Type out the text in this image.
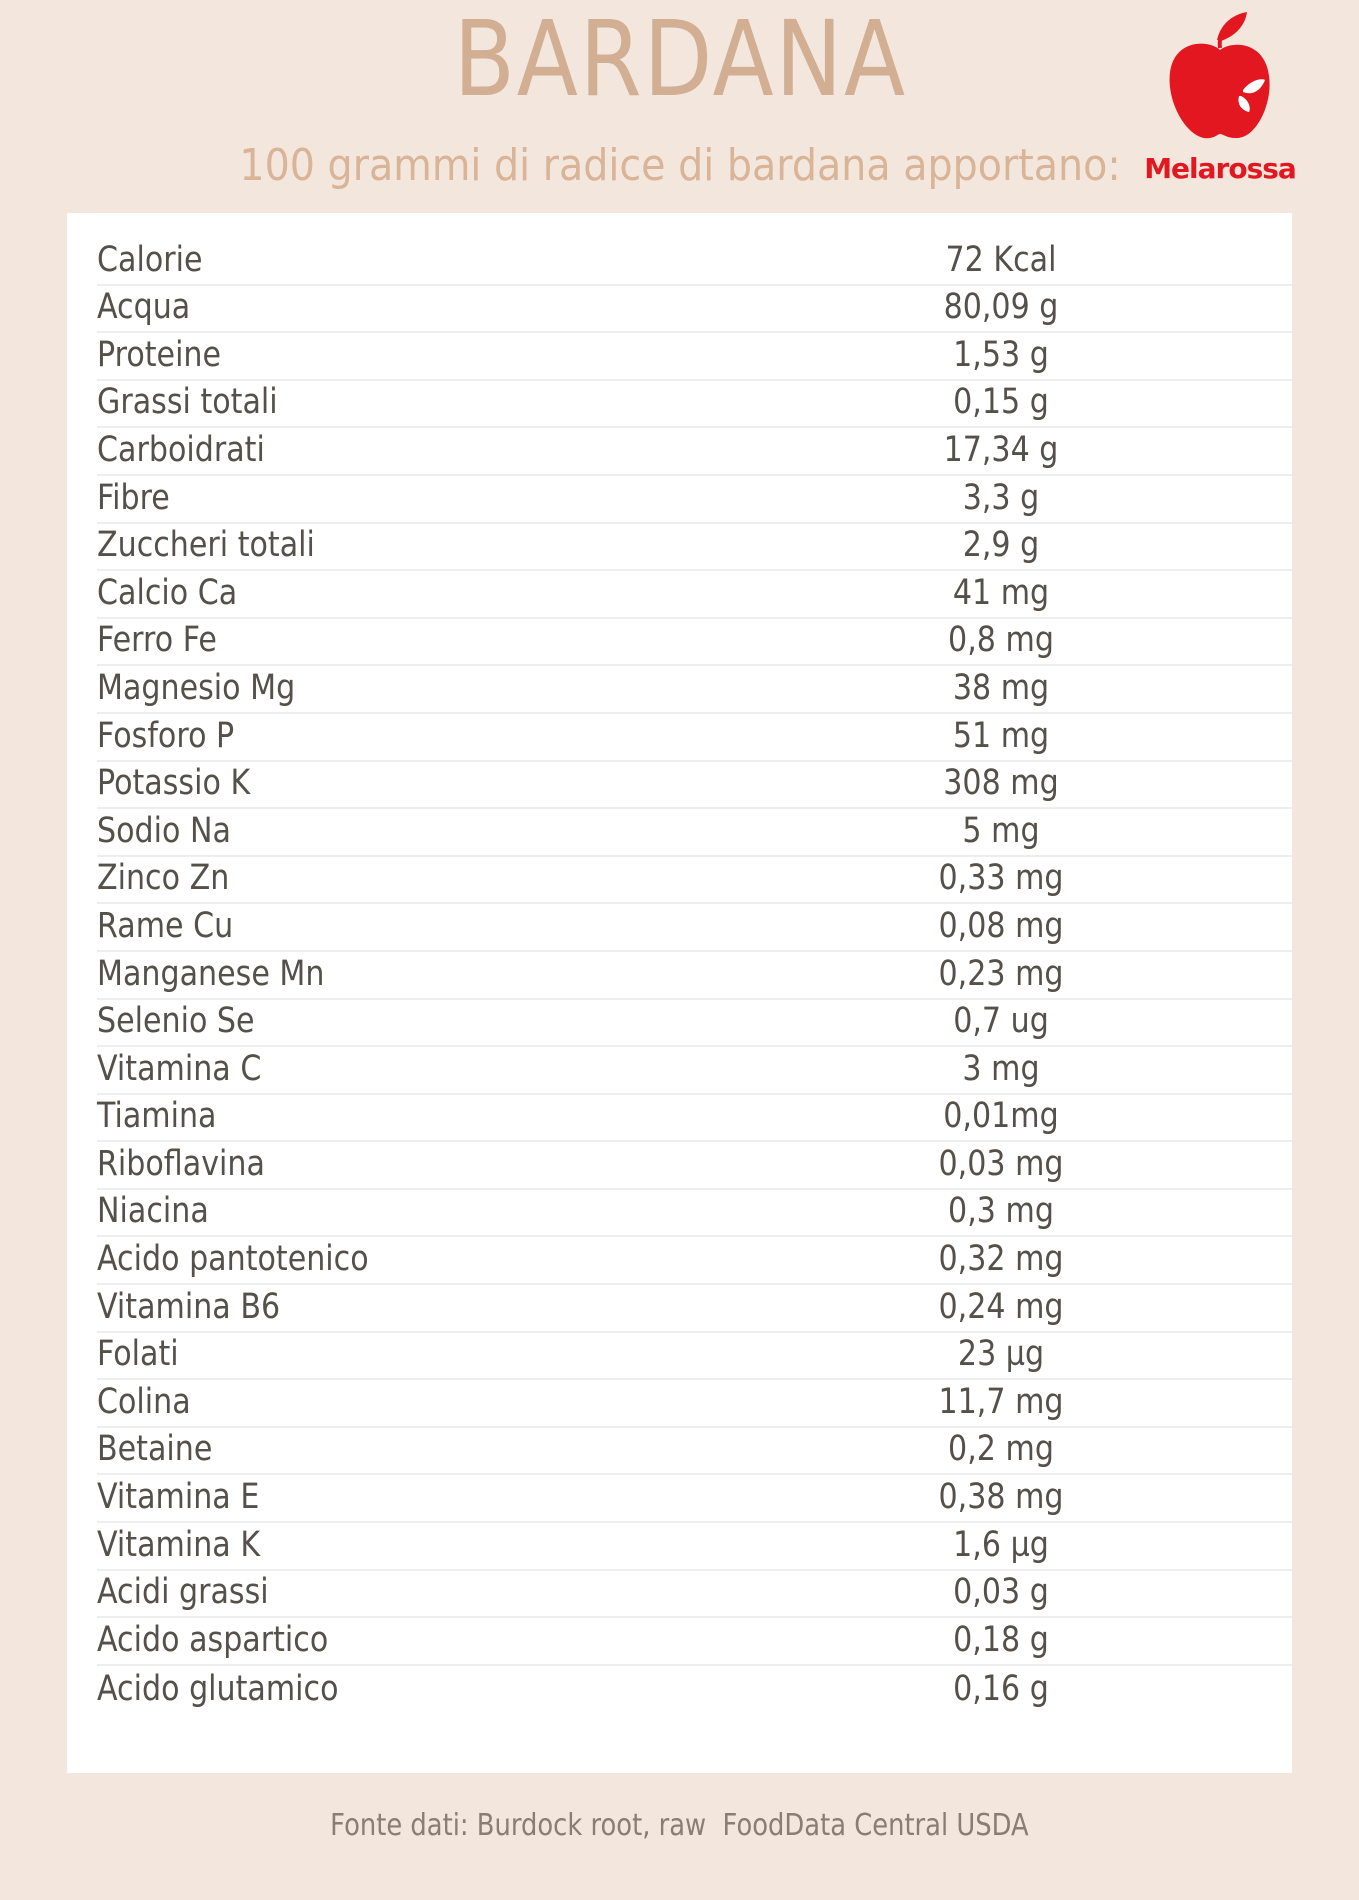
BARDANA
100 grammi di radice di bardana apportano: Melarossa
Calorie	72 Kcal
Acqua	80,09 g
Proteine	1,53 g
Grassi totali	0,15 g
Carboidrati	17,34 g
Fibre	3,3 g
Zuccheri totali	2,9 g
Calcio Ca	41 mg
Ferro Fe	0,8 mg
Magnesio Mg	38 mg
Fosforo P	51 mg
Potassio K	308 mg
Sodio Na	5 mg
Zinco Zn	0,33 mg
Rame Cu	0,08 mg
Manganese Mn	0,23 mg
Selenio Se	0,7 ug
Vitamina C	3 mg
Tiamina	0,01mg
Riboflavina	0,03 mg
Niacina	0,3 mg
Acido pantotenico	0,32 mg
Vitamina B6	0,24 mg
Folati	23 µg
Colina	11,7 mg
Betaine	0,2 mg
Vitamina E	0,38 mg
Vitamina K	1,6 µg
Acidi grassi	0,03 g
Acido aspartico	0,18 g
Acido glutamico	0,16 g
Fonte dati: Burdock root, raw  FoodData Central USDA
